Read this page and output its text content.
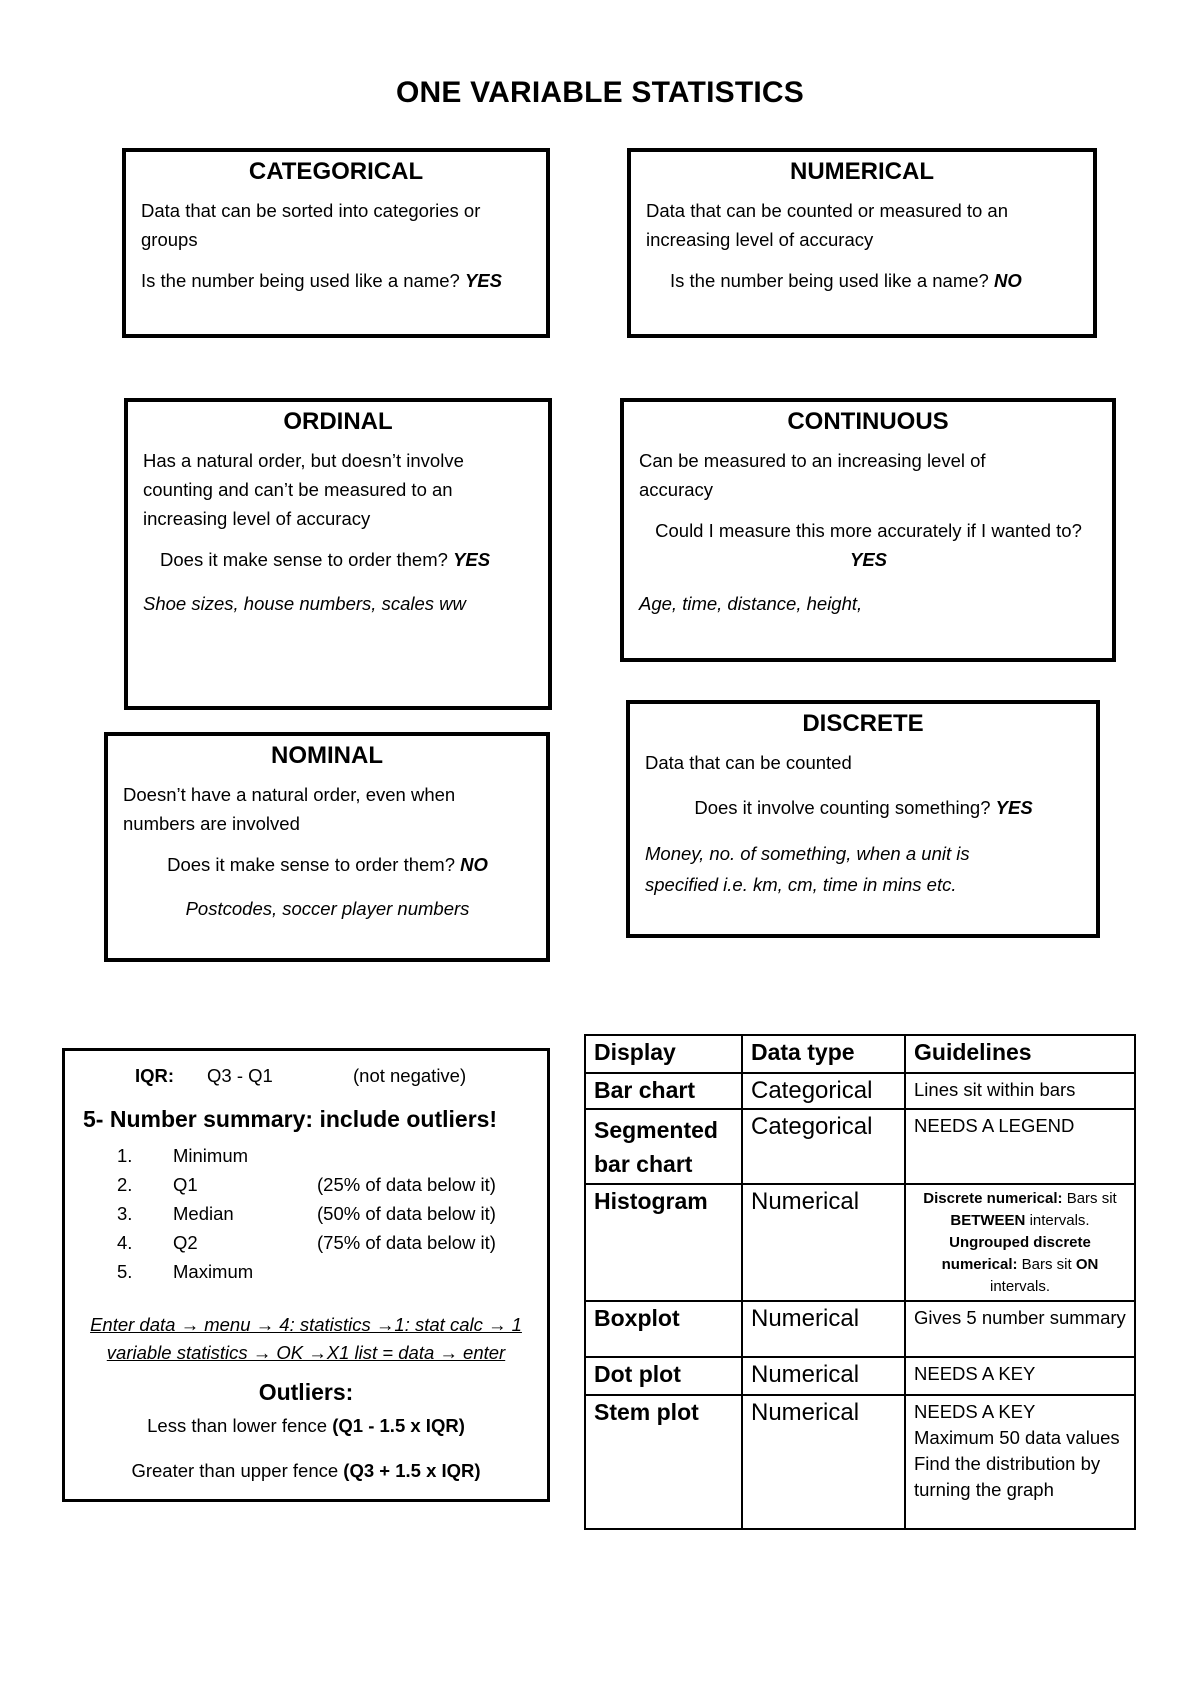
ONE VARIABLE STATISTICS
CATEGORICAL

Data that can be sorted into categories or groups

Is the number being used like a name? YES

NUMERICAL

Data that can be counted or measured to an increasing level of accuracy

Is the number being used like a name? NO

ORDINAL

Has a natural order, but doesn’t involve counting and can’t be measured to an increasing level of accuracy

Does it make sense to order them? YES

Shoe sizes, house numbers, scales ww

CONTINUOUS

Can be measured to an increasing level of accuracy

Could I measure this more accurately if I wanted to? YES

Age, time, distance, height,

NOMINAL

Doesn’t have a natural order, even when numbers are involved

Does it make sense to order them? NO

Postcodes, soccer player numbers

DISCRETE

Data that can be counted

Does it involve counting something? YES

Money, no. of something, when a unit is specified i.e. km, cm, time in mins etc.

IQR: Q3 - Q1	(not negative)
5- Number summary: include outliers!
1. Minimum
2. Q1	(25% of data below it)
3. Median	(50% of data below it)
4. Q2	(75% of data below it)
5. Maximum
Enter data → menu → 4: statistics →1: stat calc → 1
variable statistics → OK →X1 list = data → enter
Outliers:
Less than lower fence (Q1 - 1.5 x IQR)
Greater than upper fence (Q3 + 1.5 x IQR)
Display	Data type	Guidelines
Bar chart	Categorical	Lines sit within bars
Segmented bar chart	Categorical	NEEDS A LEGEND
Histogram	Numerical	Discrete numerical: Bars sit BETWEEN intervals. Ungrouped discrete numerical: Bars sit ON intervals.
Boxplot	Numerical	Gives 5 number summary
Dot plot	Numerical	NEEDS A KEY
Stem plot	Numerical	NEEDS A KEY
Maximum 50 data values
Find the distribution by turning the graph
